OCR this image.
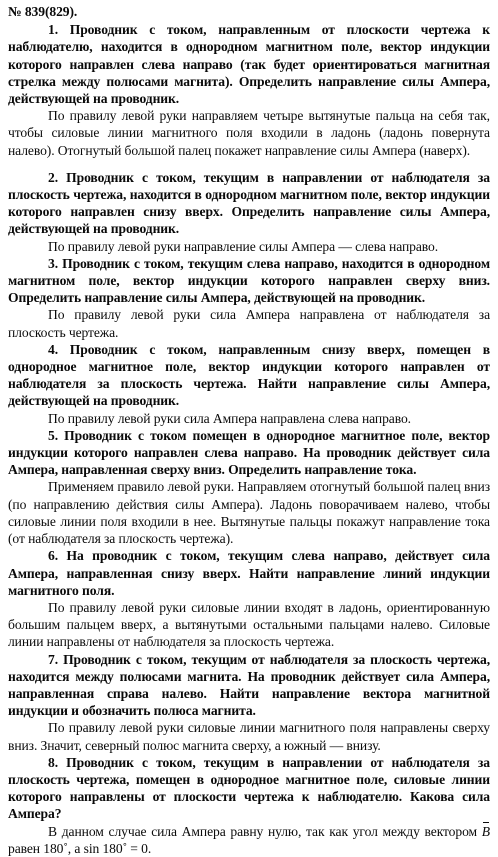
№ 839(829).

1. Проводник с током, направленным от плоскости чертежа к наблюдателю, находится в однородном магнитном поле, вектор индукции которого направлен слева направо (так будет ориентироваться магнитная стрелка между полюсами магнита). Определить направление силы Ампера, действующей на проводник.

По правилу левой руки направляем четыре вытянутые пальца на себя так, чтобы силовые линии магнитного поля входили в ладонь (ладонь повернута налево). Отогнутый большой палец покажет направление силы Ампера (наверх).

2. Проводник с током, текущим в направлении от наблюдателя за плоскость чертежа, находится в однородном магнитном поле, вектор индукции которого направлен снизу вверх. Определить направление силы Ампера, действующей на проводник.

По правилу левой руки направление силы Ампера — слева направо.

3. Проводник с током, текущим слева направо, находится в однородном магнитном поле, вектор индукции которого направлен сверху вниз. Определить направление силы Ампера, действующей на проводник.

По правилу левой руки сила Ампера направлена от наблюдателя за плоскость чертежа.

4. Проводник с током, направленным снизу вверх, помещен в однородное магнитное поле, вектор индукции которого направлен от наблюдателя за плоскость чертежа. Найти направление силы Ампера, действующей на проводник.

По правилу левой руки сила Ампера направлена слева направо.

5. Проводник с током помещен в однородное магнитное поле, вектор индукции которого направлен слева направо. На проводник действует сила Ампера, направленная сверху вниз. Определить направление тока.

Применяем правило левой руки. Направляем отогнутый большой палец вниз (по направлению действия силы Ампера). Ладонь поворачиваем налево, чтобы силовые линии поля входили в нее. Вытянутые пальцы покажут направление тока (от наблюдателя за плоскость чертежа).

6. На проводник с током, текущим слева направо, действует сила Ампера, направленная снизу вверх. Найти направление линий индукции магнитного поля.

По правилу левой руки силовые линии входят в ладонь, ориентированную большим пальцем вверх, а вытянутыми остальными пальцами налево. Силовые линии направлены от наблюдателя за плоскость чертежа.

7. Проводник с током, текущим от наблюдателя за плоскость чертежа, находится между полюсами магнита. На проводник действует сила Ампера, направленная справа налево. Найти направление вектора магнитной индукции и обозначить полюса магнита.

По правилу левой руки силовые линии магнитного поля направлены сверху вниз. Значит, северный полюс магнита сверху, а южный — внизу.

8. Проводник с током, текущим в направлении от наблюдателя за плоскость чертежа, помещен в однородное магнитное поле, силовые линии которого направлены от плоскости чертежа к наблюдателю. Какова сила Ампера?

В данном случае сила Ампера равну нулю, так как угол между вектором B равен 180˚, a sin 180˚ = 0.
